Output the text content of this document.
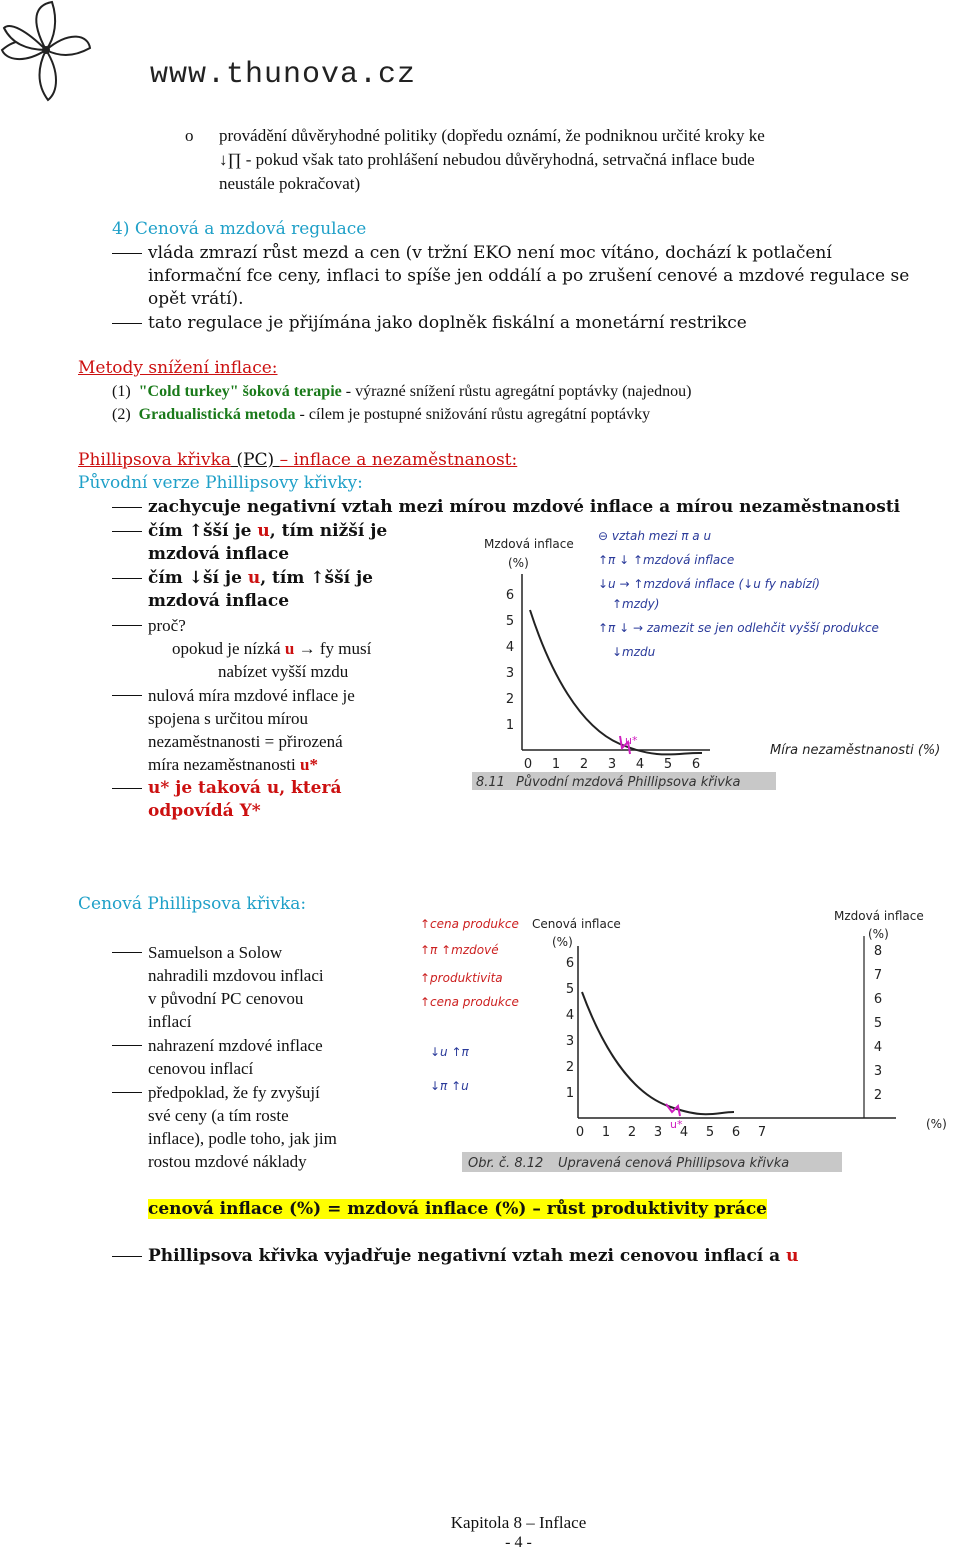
www.thunova.cz
o provádění důvěryhodné politiky (dopředu oznámí, že podniknou určité kroky ke
↓∏ - pokud však tato prohlášení nebudou důvěryhodná, setrvačná inflace bude
neustále pokračovat)
4) Cenová a mzdová regulace
vláda zmrazí růst mezd a cen (v tržní EKO není moc vítáno, dochází k potlačení
informační fce ceny, inflaci to spíše jen oddálí a po zrušení cenové a mzdové regulace se
opět vrátí).
tato regulace je přijímána jako doplněk fiskální a monetární restrikce
Metody snížení inflace:
(1) "Cold turkey" šoková terapie - výrazné snížení růstu agregátní poptávky (najednou)
(2) Gradualistická metoda - cílem je postupné snižování růstu agregátní poptávky
Phillipsova křivka (PC) – inflace a nezaměstnanost:
Původní verze Phillipsovy křivky:
zachycuje negativní vztah mezi mírou mzdové inflace a mírou nezaměstnanosti
čím ↑šší je u, tím nižší je
mzdová inflace
čím ↓ší je u, tím ↑šší je
mzdová inflace
proč?
opokud je nízká u → fy musí
nabízet vyšší mzdu
nulová míra mzdové inflace je
spojena s určitou mírou
nezaměstnanosti = přirozená
míra nezaměstnanosti u*
u* je taková u, která
odpovídá Y*
Mzdová inflace
(%)
1
2
3
4
5
6
0 1 2 3 4 5 6
u*
Míra nezaměstnanosti (%)
⊖ vztah mezi π a u
↑π ↓ ↑mzdová inflace
↓u → ↑mzdová inflace (↓u fy nabízí)
↑mzdy)
↑π ↓ → zamezit se jen odlehčit vyšší produkce
↓mzdu
8.11 Původní mzdová Phillipsova křivka
Cenová Phillipsova křivka:
Samuelson a Solow
nahradili mzdovou inflaci
v původní PC cenovou
inflací
nahrazení mzdové inflace
cenovou inflací
předpoklad, že fy zvyšují
své ceny (a tím roste
inflace), podle toho, jak jim
rostou mzdové náklady
Cenová inflace
(%)
Mzdová inflace
(%)
1
2
3
4
5
6
2
3
4
5
6
7
8
0 1 2 3 4 5 6 7
u*	(%)
↑cena produkce
↑π ↑mzdové
↑produktivita
↑cena produkce
↓u ↑π
↓π ↑u
Obr. č. 8.12 Upravená cenová Phillipsova křivka
cenová inflace (%) = mzdová inflace (%) – růst produktivity práce
Phillipsova křivka vyjadřuje negativní vztah mezi cenovou inflací a u
Kapitola 8 – Inflace
- 4 -
